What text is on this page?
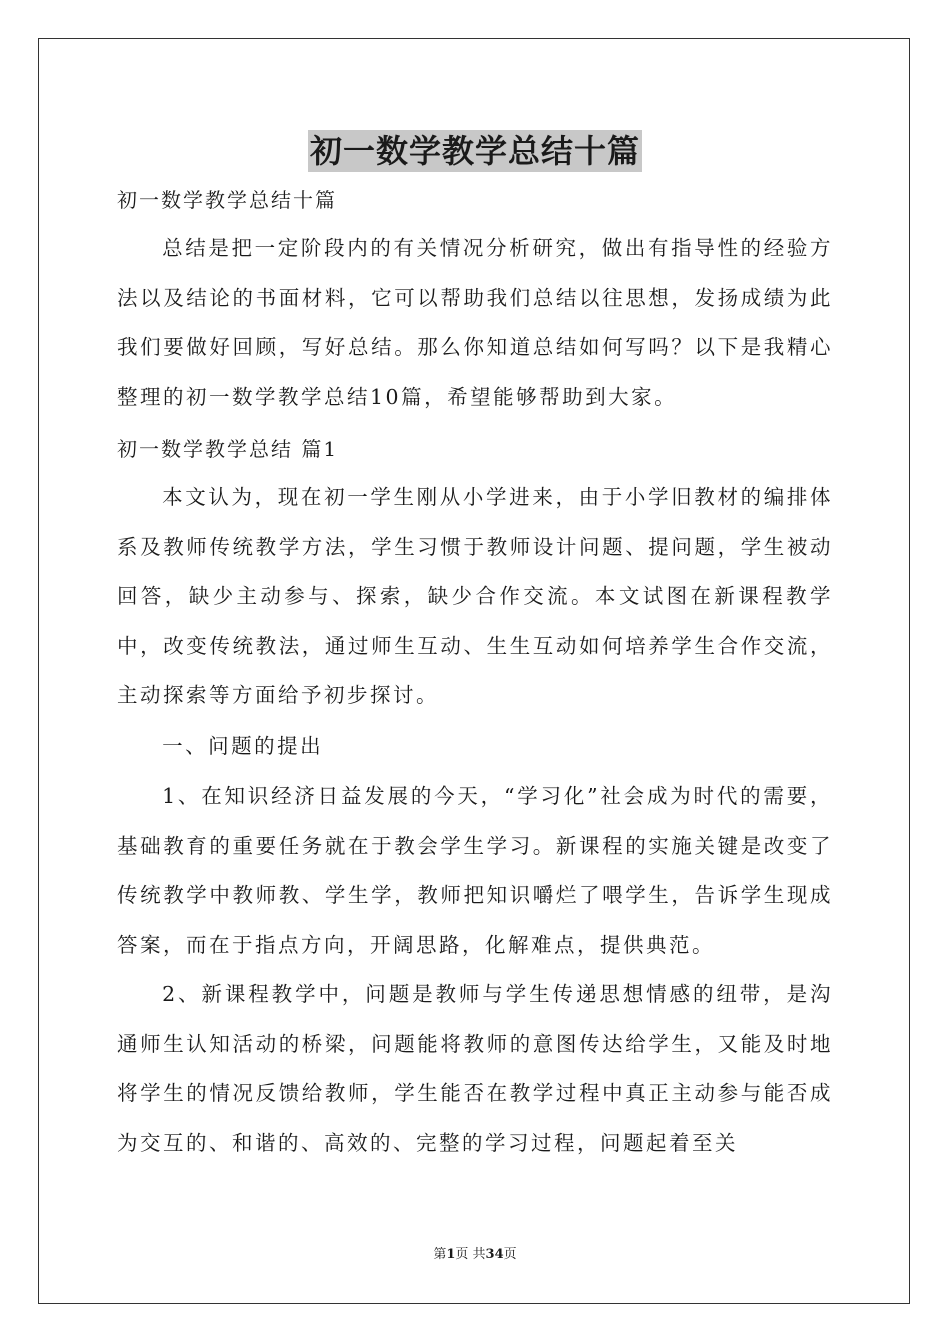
初一数学教学总结十篇
初一数学教学总结十篇

总结是把一定阶段内的有关情况分析研究，做出有指导性的经验方法以及结论的书面材料，它可以帮助我们总结以往思想，发扬成绩为此我们要做好回顾，写好总结。那么你知道总结如何写吗？以下是我精心整理的初一数学教学总结10篇，希望能够帮助到大家。

初一数学教学总结 篇1

本文认为，现在初一学生刚从小学进来，由于小学旧教材的编排体系及教师传统教学方法，学生习惯于教师设计问题、提问题，学生被动回答，缺少主动参与、探索，缺少合作交流。本文试图在新课程教学中，改变传统教法，通过师生互动、生生互动如何培养学生合作交流，主动探索等方面给予初步探讨。

一、问题的提出

1、在知识经济日益发展的今天，“学习化”社会成为时代的需要，基础教育的重要任务就在于教会学生学习。新课程的实施关键是改变了传统教学中教师教、学生学，教师把知识嚼烂了喂学生，告诉学生现成答案，而在于指点方向，开阔思路，化解难点，提供典范。

2、新课程教学中，问题是教师与学生传递思想情感的纽带，是沟通师生认知活动的桥梁，问题能将教师的意图传达给学生，又能及时地将学生的情况反馈给教师，学生能否在教学过程中真正主动参与能否成为交互的、和谐的、高效的、完整的学习过程，问题起着至关

第1页 共34页
